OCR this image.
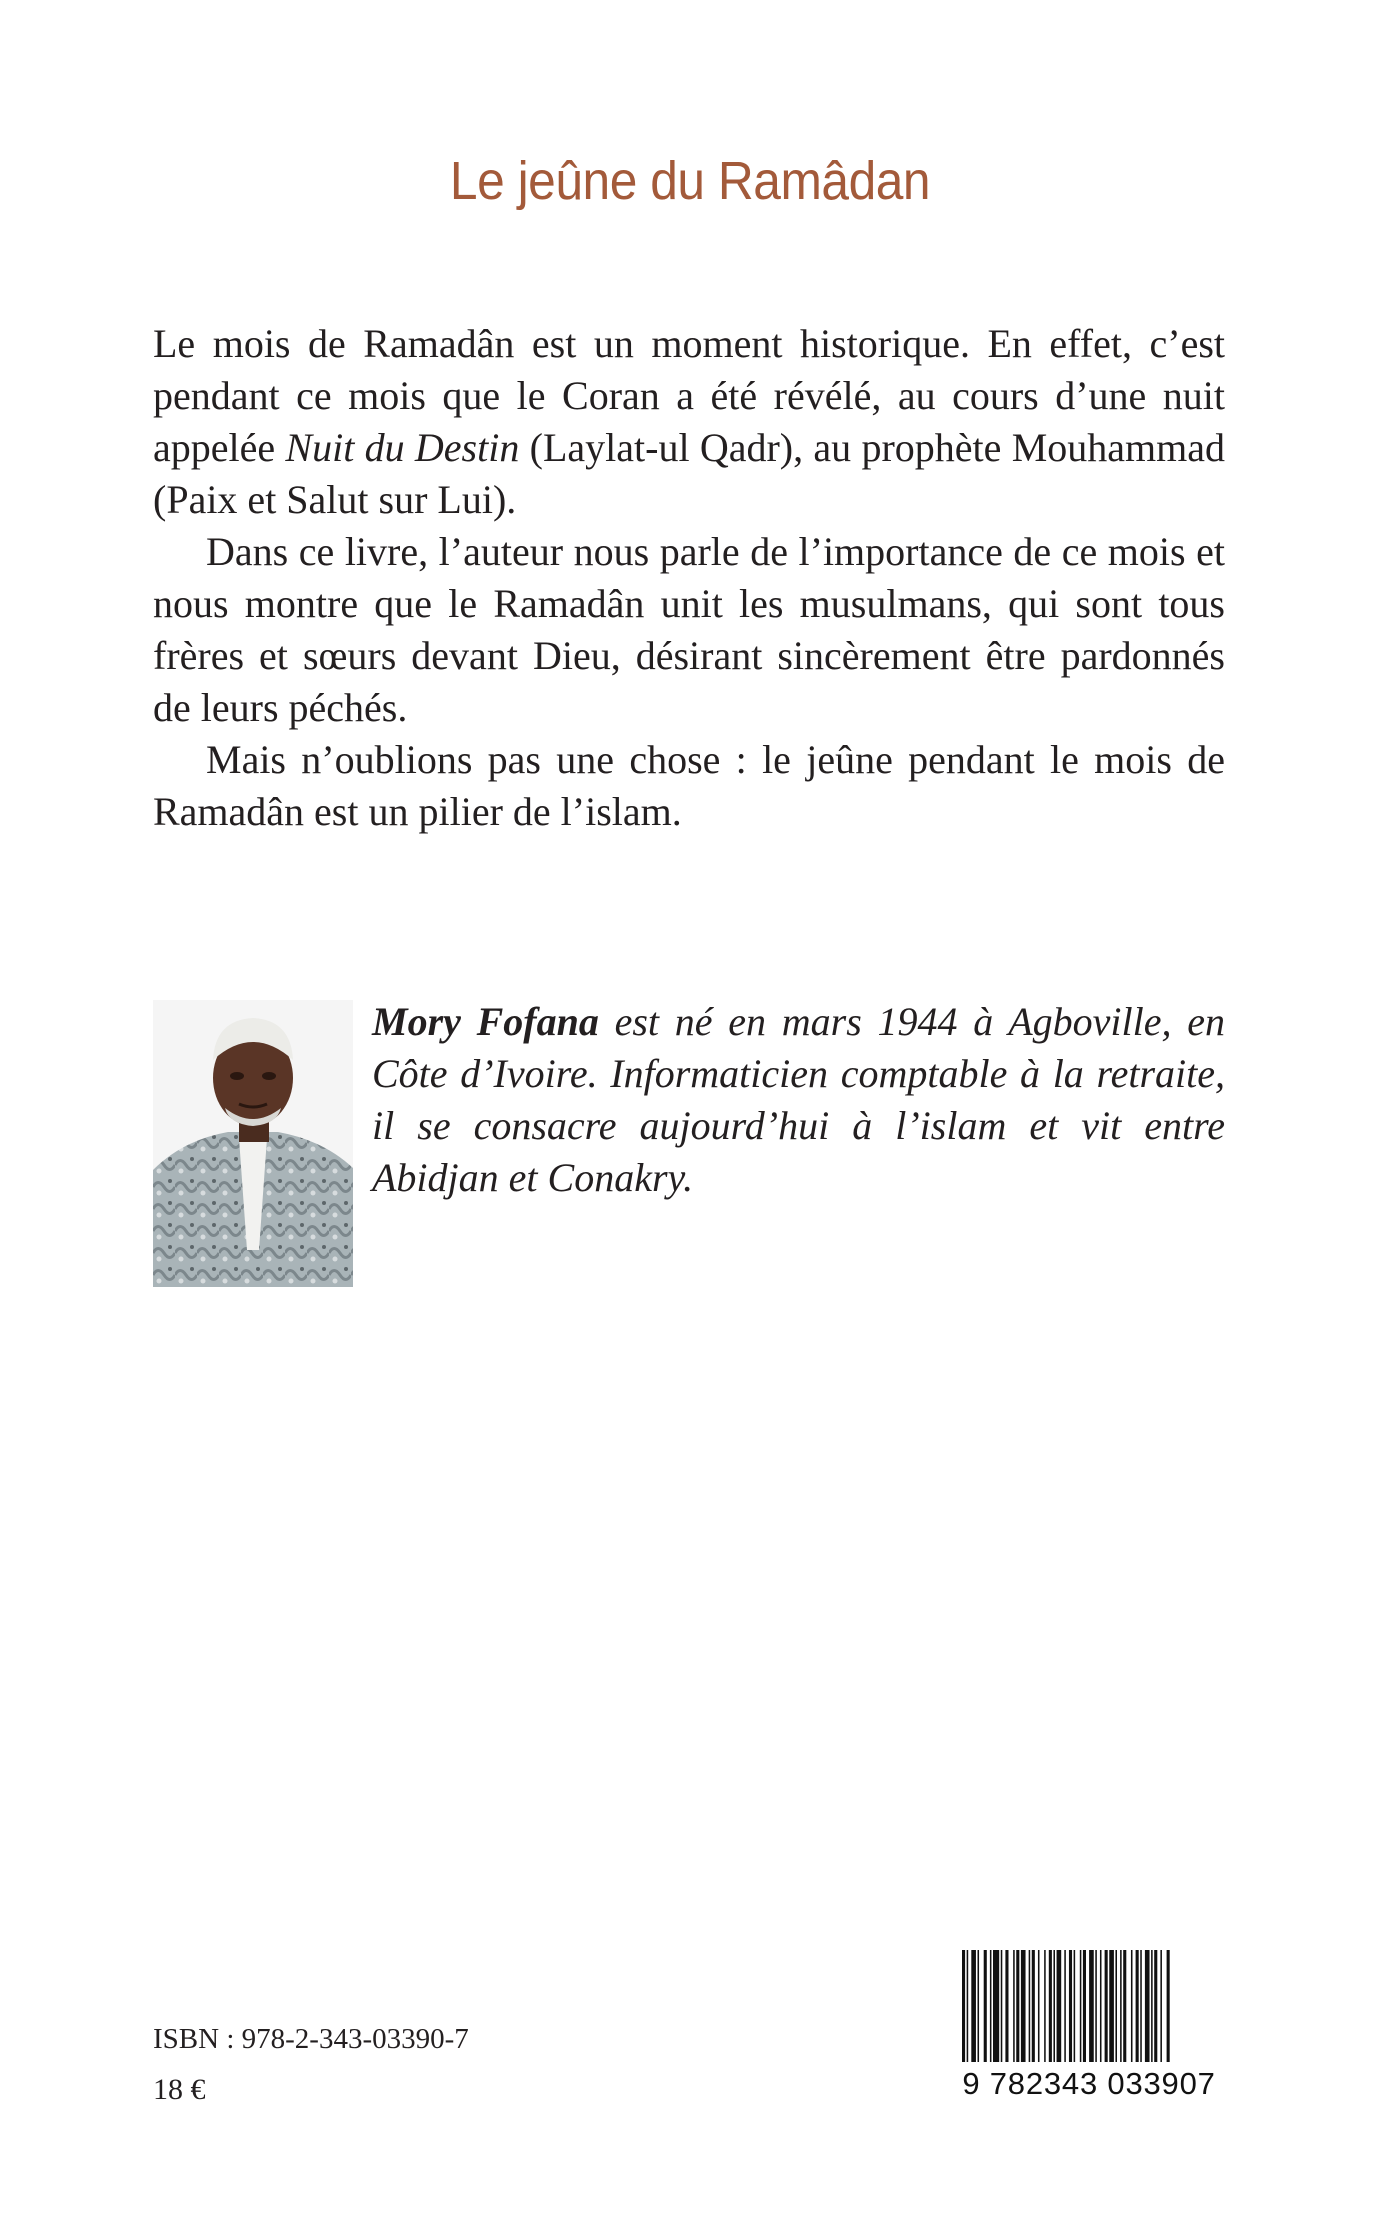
Le jeûne du Ramâdan

Le mois de Ramadân est un moment historique. En effet, c’est pendant ce mois que le Coran a été révélé, au cours d’une nuit appelée Nuit du Destin (Laylat-ul Qadr), au prophète Mouhammad (Paix et Salut sur Lui).

Dans ce livre, l’auteur nous parle de l’importance de ce mois et nous montre que le Ramadân unit les musulmans, qui sont tous frères et sœurs devant Dieu, désirant sincèrement être pardonnés de leurs péchés.

Mais n’oublions pas une chose : le jeûne pendant le mois de Ramadân est un pilier de l’islam.

Mory Fofana est né en mars 1944 à Agboville, en Côte d’Ivoire. Informaticien comptable à la retraite, il se consacre aujourd’hui à l’islam et vit entre Abidjan et Conakry.
ISBN : 978-2-343-03390-7
18 €	9 782343 033907
